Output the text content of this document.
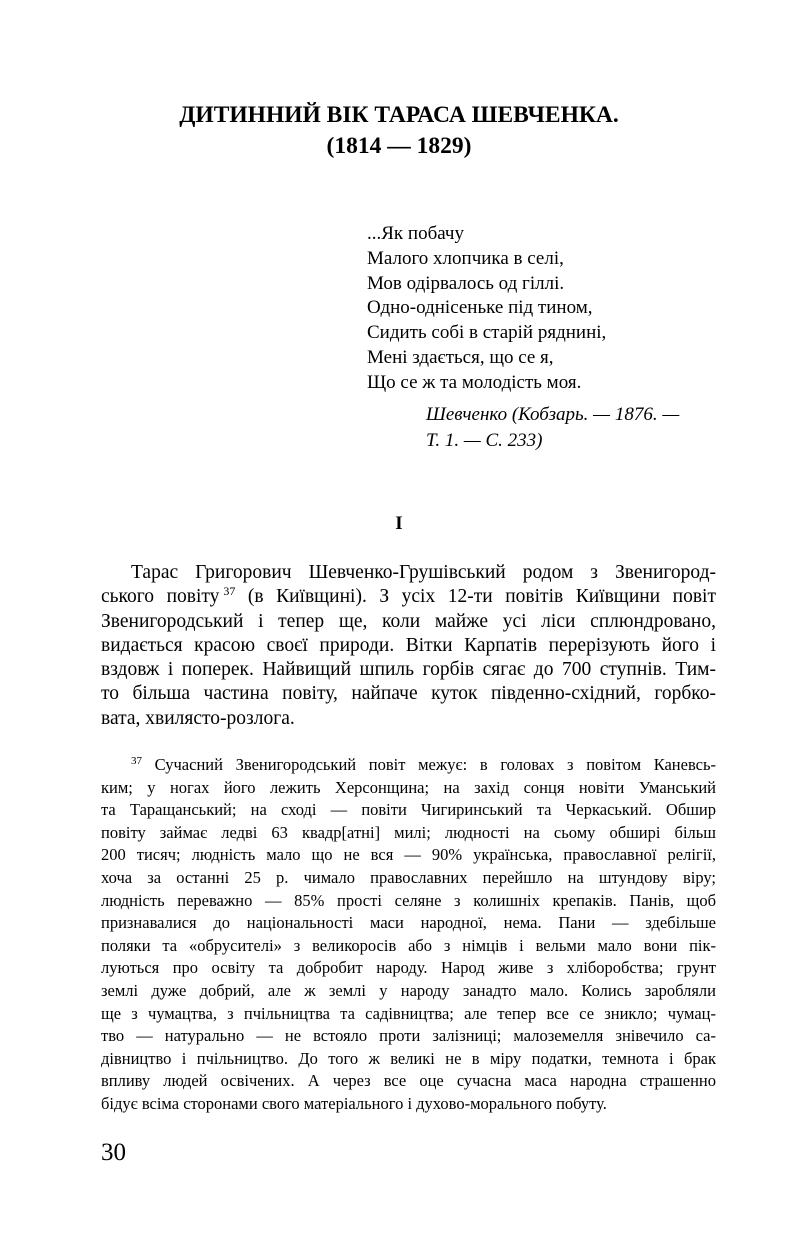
ДИТИННИЙ ВІК ТАРАСА ШЕВЧЕНКА.
(1814 — 1829)
...Як побачу
Малого хлопчика в селі,
Мов одірвалось од гіллі.
Одно-однісеньке під тином,
Сидить собі в старій ряднині,
Мені здається, що се я,
Що се ж та молодість моя.
Шевченко (Кобзарь. — 1876. —
Т. 1. — С. 233)
I
Тарас Григорович Шевченко-Грушівський родом з Звенигород-
ського повіту  $^{37}$ (в Київщині). З усіх 12-ти повітів Київщини повіт
Звенигородський і тепер ще, коли майже усі ліси сплюндровано,
видається красою своєї природи. Вітки Карпатів перерізують його і
вздовж і поперек. Найвищий шпиль горбів сягає до 700 ступнів. Тим-
то більша частина повіту, найпаче куток південно-східний, горбко-
вата, хвилясто-розлога.
$^{37}$ Сучасний Звенигородський повіт межує: в головах з повітом Каневсь-
ким; у ногах його лежить Херсонщина; на захід сонця новіти Уманський
та Таращанський; на сході — повіти Чигиринський та Черкаський. Обшир
повіту займає ледві 63 квадр[атні] милі; людності на сьому обширі більш
200 тисяч; людність мало що не вся — 90% українська, православної релігії,
хоча за останні 25 р. чимало православних перейшло на штундову віру;
людність переважно — 85% прості селяне з колишніх крепаків. Панів, щоб
признавалися до національності маси народної, нема. Пани — здебільше
поляки та «обрусителі» з великоросів або з німців і вельми мало вони пік-
луються про освіту та добробит народу. Народ живе з хліборобства; грунт
землі дуже добрий, але ж землі у народу занадто мало. Колись заробляли
ще з чумацтва, з пчільництва та садівництва; але тепер все се зникло; чумац-
тво — натурально — не встояло проти залізниці; малоземелля знівечило са-
дівництво і пчільництво. До того ж великі не в міру податки, темнота і брак
впливу людей освічених. А через все оце сучасна маса народна страшенно
бідує всіма сторонами свого матеріального і духово-морального побуту.
30
